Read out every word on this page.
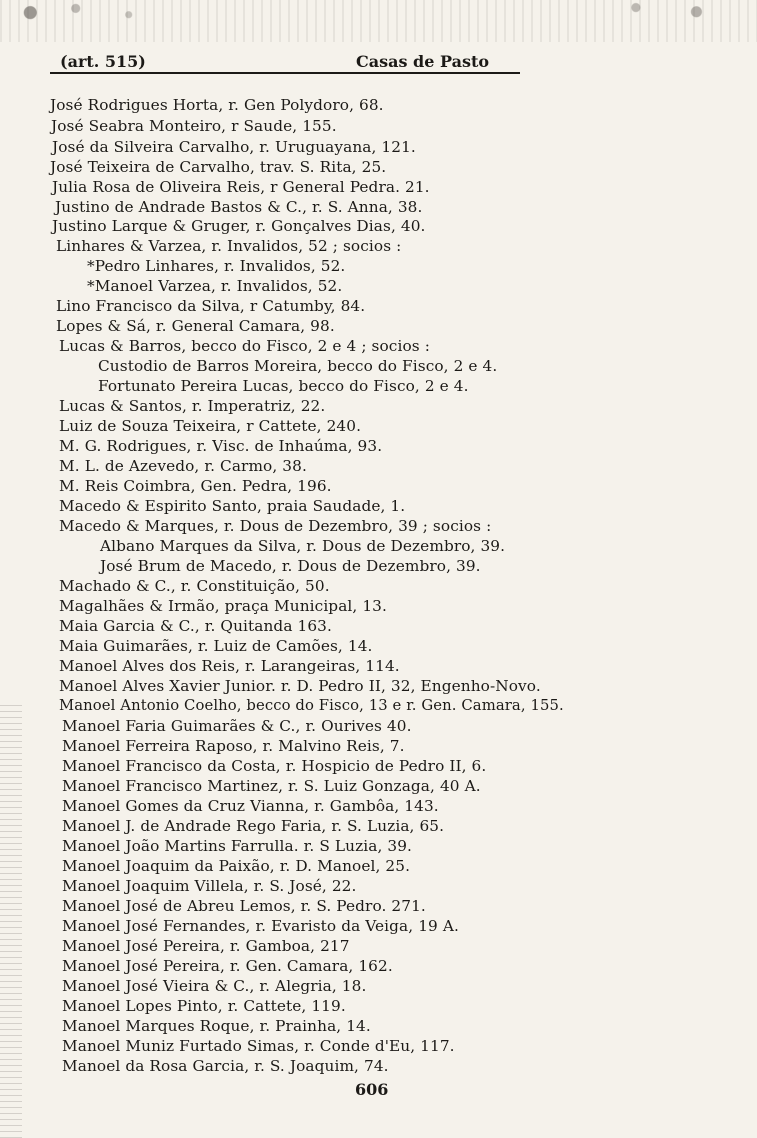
(art. 515)	Casas de Pasto
José Rodrigues Horta, r. Gen Polydoro, 68.
José Seabra Monteiro, r Saude, 155.
José da Silveira Carvalho, r. Uruguayana, 121.
José Teixeira de Carvalho, trav. S. Rita, 25.
Julia Rosa de Oliveira Reis, r General Pedra. 21.
Justino de Andrade Bastos & C., r. S. Anna, 38.
Justino Larque & Gruger, r. Gonçalves Dias, 40.
Linhares & Varzea, r. Invalidos, 52 ; socios :
*Pedro Linhares, r. Invalidos, 52.
*Manoel Varzea, r. Invalidos, 52.
Lino Francisco da Silva, r Catumby, 84.
Lopes & Sá, r. General Camara, 98.
Lucas & Barros, becco do Fisco, 2 e 4 ; socios :
Custodio de Barros Moreira, becco do Fisco, 2 e 4.
Fortunato Pereira Lucas, becco do Fisco, 2 e 4.
Lucas & Santos, r. Imperatriz, 22.
Luiz de Souza Teixeira, r Cattete, 240.
M. G. Rodrigues, r. Visc. de Inhaúma, 93.
M. L. de Azevedo, r. Carmo, 38.
M. Reis Coimbra, Gen. Pedra, 196.
Macedo & Espirito Santo, praia Saudade, 1.
Macedo & Marques, r. Dous de Dezembro, 39 ; socios :
Albano Marques da Silva, r. Dous de Dezembro, 39.
José Brum de Macedo, r. Dous de Dezembro, 39.
Machado & C., r. Constituição, 50.
Magalhães & Irmão, praça Municipal, 13.
Maia Garcia & C., r. Quitanda 163.
Maia Guimarães, r. Luiz de Camões, 14.
Manoel Alves dos Reis, r. Larangeiras, 114.
Manoel Alves Xavier Junior. r. D. Pedro II, 32, Engenho-Novo.
Manoel Antonio Coelho, becco do Fisco, 13 e r. Gen. Camara, 155.
Manoel Faria Guimarães & C., r. Ourives 40.
Manoel Ferreira Raposo, r. Malvino Reis, 7.
Manoel Francisco da Costa, r. Hospicio de Pedro II, 6.
Manoel Francisco Martinez, r. S. Luiz Gonzaga, 40 A.
Manoel Gomes da Cruz Vianna, r. Gambôa, 143.
Manoel J. de Andrade Rego Faria, r. S. Luzia, 65.
Manoel João Martins Farrulla. r. S Luzia, 39.
Manoel Joaquim da Paixão, r. D. Manoel, 25.
Manoel Joaquim Villela, r. S. José, 22.
Manoel José de Abreu Lemos, r. S. Pedro. 271.
Manoel José Fernandes, r. Evaristo da Veiga, 19 A.
Manoel José Pereira, r. Gamboa, 217
Manoel José Pereira, r. Gen. Camara, 162.
Manoel José Vieira & C., r. Alegria, 18.
Manoel Lopes Pinto, r. Cattete, 119.
Manoel Marques Roque, r. Prainha, 14.
Manoel Muniz Furtado Simas, r. Conde d'Eu, 117.
Manoel da Rosa Garcia, r. S. Joaquim, 74.
606
